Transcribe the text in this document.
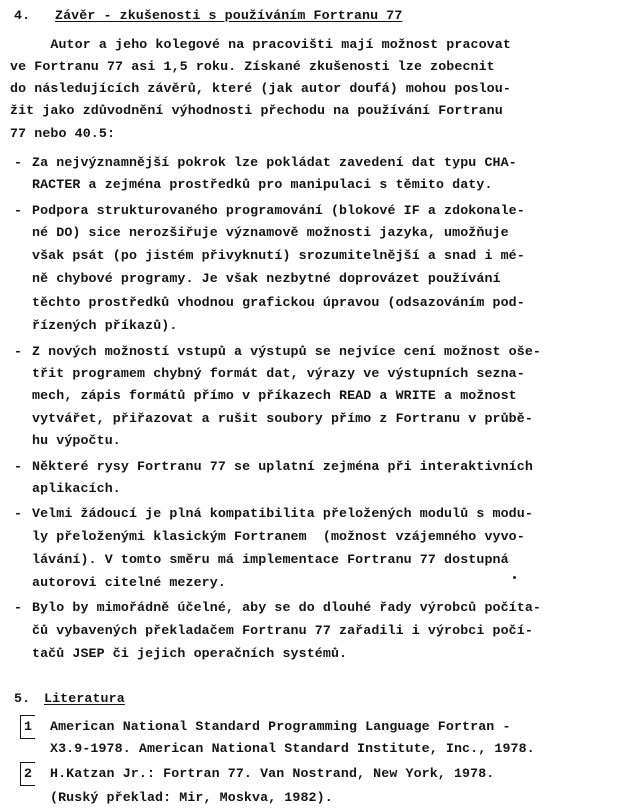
4. Závěr - zkušenosti s používáním Fortranu 77
Autor a jeho kolegové na pracovišti mají možnost pracovat
ve Fortranu 77 asi 1,5 roku. Získané zkušenosti lze zobecnit
do následujících závěrů, které (jak autor doufá) mohou poslou-
žit jako zdůvodnění výhodnosti přechodu na používání Fortranu
77 nebo 40.5:
- Za nejvýznamnější pokrok lze pokládat zavedení dat typu CHA-
RACTER a zejména prostředků pro manipulaci s těmito daty.
- Podpora strukturovaného programování (blokové IF a zdokonale-
né DO) sice nerozšiřuje významově možnosti jazyka, umožňuje
však psát (po jistém přivyknutí) srozumitelnější a snad i mé-
ně chybové programy. Je však nezbytné doprovázet používání
těchto prostředků vhodnou grafickou úpravou (odsazováním pod-
řízených příkazů).
- Z nových možností vstupů a výstupů se nejvíce cení možnost oše-
třit programem chybný formát dat, výrazy ve výstupních sezna-
mech, zápis formátů přímo v příkazech READ a WRITE a možnost
vytvářet, přiřazovat a rušit soubory přímo z Fortranu v průbě-
hu výpočtu.
- Některé rysy Fortranu 77 se uplatní zejména při interaktivních
aplikacích.
- Velmi žádoucí je plná kompatibilita přeložených modulů s modu-
ly přeloženými klasickým Fortranem  (možnost vzájemného vyvo-
lávání). V tomto směru má implementace Fortranu 77 dostupná
autorovi citelné mezery.
- Bylo by mimořádně účelné, aby se do dlouhé řady výrobců počíta-
čů vybavených překladačem Fortranu 77 zařadili i výrobci počí-
tačů JSEP či jejich operačních systémů.
5. Literatura
1 American National Standard Programming Language Fortran -
X3.9-1978. American National Standard Institute, Inc., 1978.
2 H.Katzan Jr.: Fortran 77. Van Nostrand, New York, 1978.
(Ruský překlad: Mir, Moskva, 1982).
